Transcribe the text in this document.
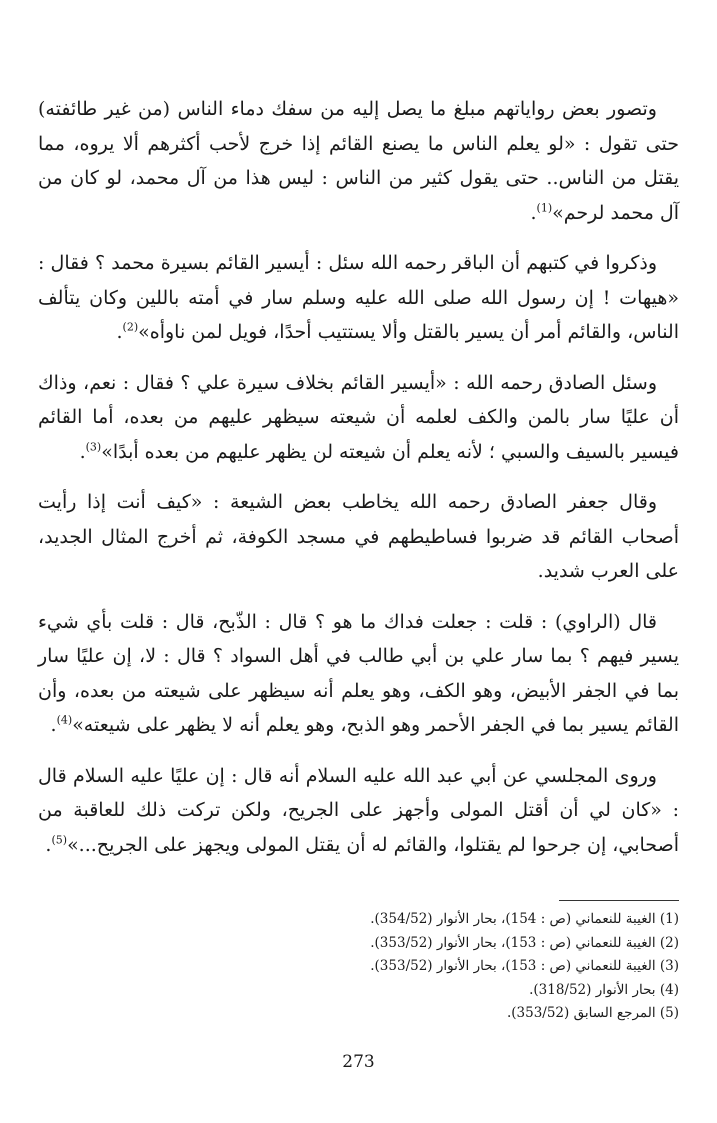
وتصور بعض رواياتهم مبلغ ما يصل إليه من سفك دماء الناس (من غير طائفته) حتى تقول : «لو يعلم الناس ما يصنع القائم إذا خرج لأحب أكثرهم ألا يروه، مما يقتل من الناس.. حتى يقول كثير من الناس : ليس هذا من آل محمد، لو كان من آل محمد لرحم»$^{(1)}$.

وذكروا في كتبهم أن الباقر رحمه الله سئل : أيسير القائم بسيرة محمد ؟ فقال : «هيهات ! إن رسول الله صلى الله عليه وسلم سار في أمته باللين وكان يتألف الناس، والقائم أمر أن يسير بالقتل وألا يستتيب أحدًا، فويل لمن ناوأه»$^{(2)}$.

وسئل الصادق رحمه الله : «أيسير القائم بخلاف سيرة علي ؟ فقال : نعم، وذاك أن عليًا سار بالمن والكف لعلمه أن شيعته سيظهر عليهم من بعده، أما القائم فيسير بالسيف والسبي ؛ لأنه يعلم أن شيعته لن يظهر عليهم من بعده أبدًا»$^{(3)}$.

وقال جعفر الصادق رحمه الله يخاطب بعض الشيعة : «كيف أنت إذا رأيت أصحاب القائم قد ضربوا فساطيطهم في مسجد الكوفة، ثم أخرج المثال الجديد، على العرب شديد.

قال (الراوي) : قلت : جعلت فداك ما هو ؟ قال : الذّبح، قال : قلت بأي شيء يسير فيهم ؟ بما سار علي بن أبي طالب في أهل السواد ؟ قال : لا، إن عليًا سار بما في الجفر الأبيض، وهو الكف، وهو يعلم أنه سيظهر على شيعته من بعده، وأن القائم يسير بما في الجفر الأحمر وهو الذبح، وهو يعلم أنه لا يظهر على شيعته»$^{(4)}$.

وروى المجلسي عن أبي عبد الله عليه السلام أنه قال : إن عليًا عليه السلام قال : «كان لي أن أقتل المولى وأجهز على الجريح، ولكن تركت ذلك للعاقبة من أصحابي، إن جرحوا لم يقتلوا، والقائم له أن يقتل المولى ويجهز على الجريح...»$^{(5)}$.

(1) الغيبة للنعماني (ص : 154)، بحار الأنوار (354/52).
(2) الغيبة للنعماني (ص : 153)، بحار الأنوار (353/52).
(3) الغيبة للنعماني (ص : 153)، بحار الأنوار (353/52).
(4) بحار الأنوار (318/52).
(5) المرجع السابق (353/52).
273
